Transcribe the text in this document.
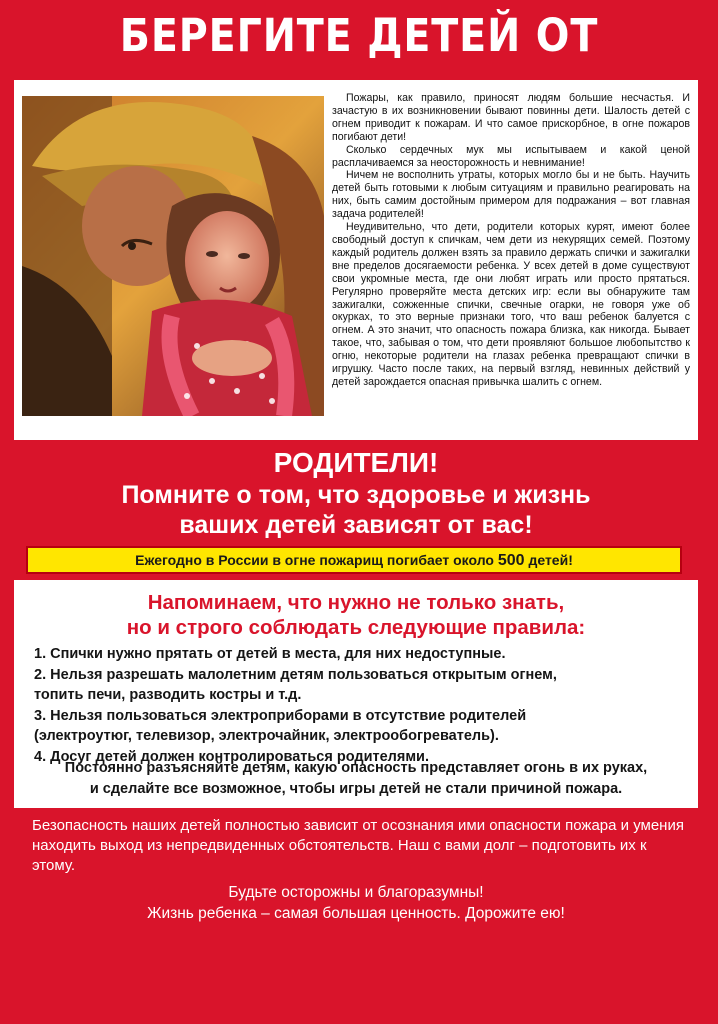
БЕРЕГИТЕ ДЕТЕЙ ОТ

Пожары, как правило, приносят людям большие несчастья. И зачастую в их возникновении бывают повинны дети. Шалость детей с огнем приводит к пожарам. И что самое прискорбное, в огне пожаров погибают дети!

Сколько сердечных мук мы испытываем и какой ценой расплачиваемся за неосторожность и невнимание!

Ничем не восполнить утраты, которых могло бы и не быть. Научить детей быть готовыми к любым ситуациям и правильно реагировать на них, быть самим достойным примером для подражания – вот главная задача родителей!

Неудивительно, что дети, родители которых курят, имеют более свободный доступ к спичкам, чем дети из некурящих семей. Поэтому каждый родитель должен взять за правило держать спички и зажигалки вне пределов досягаемости ребенка. У всех детей в доме существуют свои укромные места, где они любят играть или просто прятаться. Регулярно проверяйте места детских игр: если вы обнаружите там зажигалки, сожженные спички, свечные огарки, не говоря уже об окурках, то это верные признаки того, что ваш ребенок балуется с огнем. А это значит, что опасность пожара близка, как никогда. Бывает такое, что, забывая о том, что дети проявляют большое любопытство к огню, некоторые родители на глазах ребенка превращают спички в игрушку. Часто после таких, на первый взгляд, невинных действий у детей зарождается опасная привычка шалить с огнем.

РОДИТЕЛИ!
Помните о том, что здоровье и жизнь
ваших детей зависят от вас!
Ежегодно в России в огне пожарищ погибает около 500 детей!
Напоминаем, что нужно не только знать,
но и строго соблюдать следующие правила:
1. Спички нужно прятать от детей в места, для них недоступные.
2. Нельзя разрешать малолетним детям пользоваться открытым огнем,
топить печи, разводить костры и т.д.
3. Нельзя пользоваться электроприборами в отсутствие родителей
(электроутюг, телевизор, электрочайник, электрообогреватель).
4. Досуг детей должен контролироваться родителями.
Постоянно разъясняйте детям, какую опасность представляет огонь в их руках,
и сделайте все возможное, чтобы игры детей не стали причиной пожара.
Безопасность наших детей полностью зависит от осознания ими опасности пожара и умения находить выход из непредвиденных обстоятельств. Наш с вами долг – подготовить их к этому.
Будьте осторожны и благоразумны!
Жизнь ребенка – самая большая ценность. Дорожите ею!
